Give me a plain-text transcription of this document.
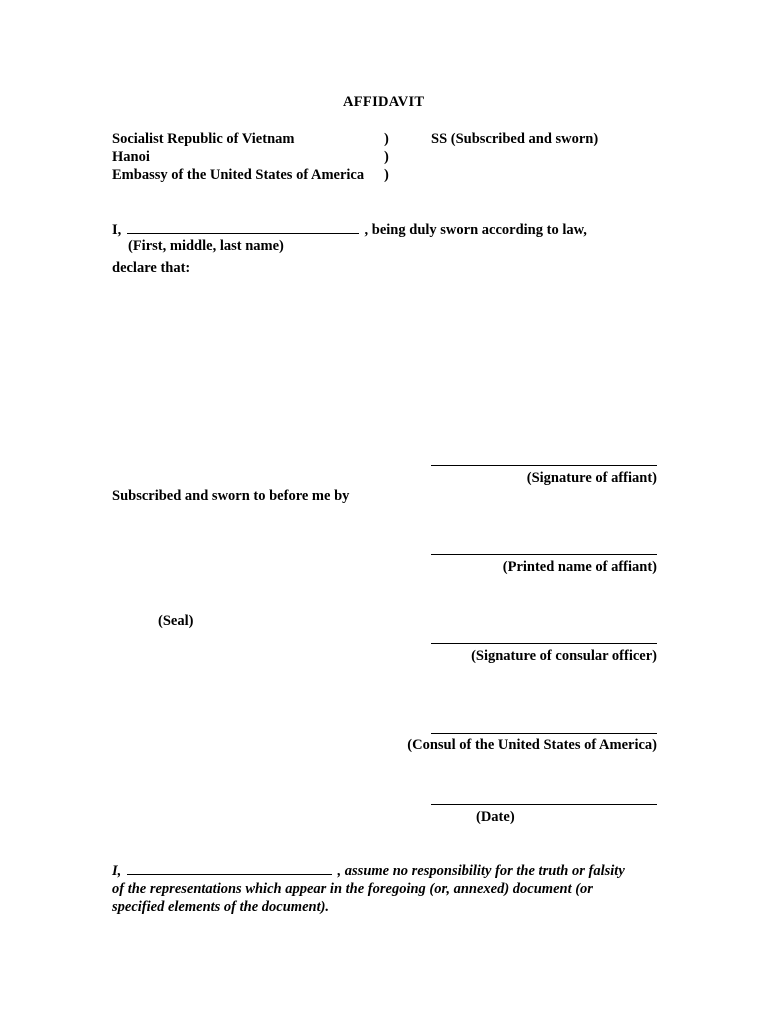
AFFIDAVIT
Socialist Republic of Vietnam
Hanoi
Embassy of the United States of America
)
)
)
SS (Subscribed and sworn)
I,	, being duly sworn according to law,
(First, middle, last name)
declare that:
(Signature of affiant)
Subscribed and sworn to before me by
(Printed name of affiant)
(Seal)
(Signature of consular officer)
(Consul of the United States of America)
(Date)
I,	, assume no responsibility for the truth or falsity
of the representations which appear in the foregoing (or, annexed) document (or
specified elements of the document).
